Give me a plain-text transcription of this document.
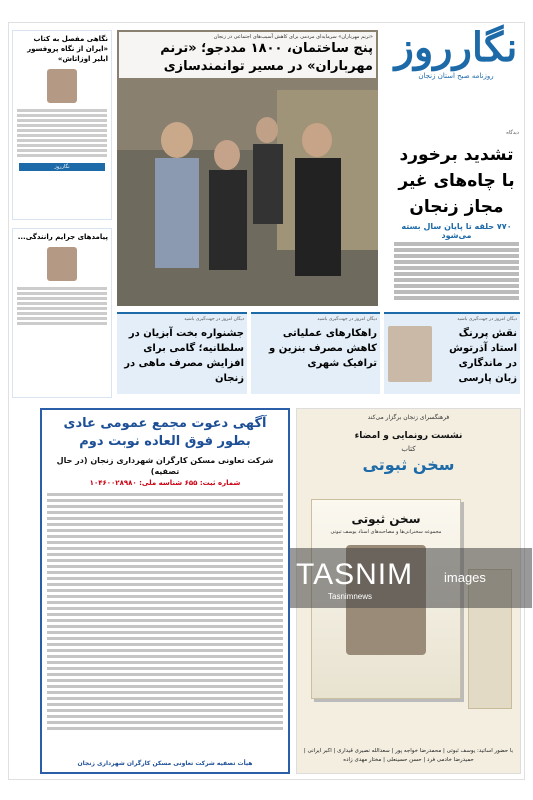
نگارروز
روزنامه صبح استان زنجان
دیدگاه
تشدید برخورد با چاه‌های غیر مجاز زنجان
۷۷۰ حلقه تا پایان سال بسته می‌شود
«ترنم مهرباران» سرمایه‌ای مردمی برای کاهش آسیب‌های اجتماعی در زنجان
پنج ساختمان، ۱۸۰۰ مددجو؛ «ترنم مهرباران» در مسیر توانمندسازی
نگاهی مفصل به کتاب «ایران از نگاه پروفسور ایلیر اوزاتاش»
نگارروز
پیامدهای جرایم رانندگی...
دیگان امروز در جهت‌گیری باشید
نقش پررنگ استاد آذرتوش در ماندگاری زبان پارسی
دیگان امروز در جهت‌گیری باشید
راهکارهای عملیاتی کاهش مصرف بنزین و ترافیک شهری
دیگان امروز در جهت‌گیری باشید
جشنواره بخت آبزیان در سلطانیه؛ گامی برای افزایش مصرف ماهی در زنجان
آگهی دعوت مجمع عمومی عادی بطور فوق العاده نوبت دوم
شرکت تعاونی مسکن کارگران شهرداری زنجان (در حال تصفیه)
شماره ثبت: ۶۵۵ شناسه ملی: ۱۰۴۶۰۰۲۸۹۸۰
هیأت تصفیه شرکت تعاونی مسکن کارگران شهرداری زنجان
فرهنگسرای زنجان برگزار می‌کند
نشست رونمایی و امضاء
کتاب
سخن ثبوتی
سخن ثبوتی
مجموعه سخنرانی‌ها و مصاحبه‌های استاد یوسف ثبوتی
با حضور اساتید: یوسف ثبوتی | محمدرضا خواجه پور | سعدالله نصیری قیداری | اکبر ایرانی | حمیدرضا خادمی فرد | حسن حسینعلی | مختار مهدی زاده
TASNIM images
Tasnimnews
